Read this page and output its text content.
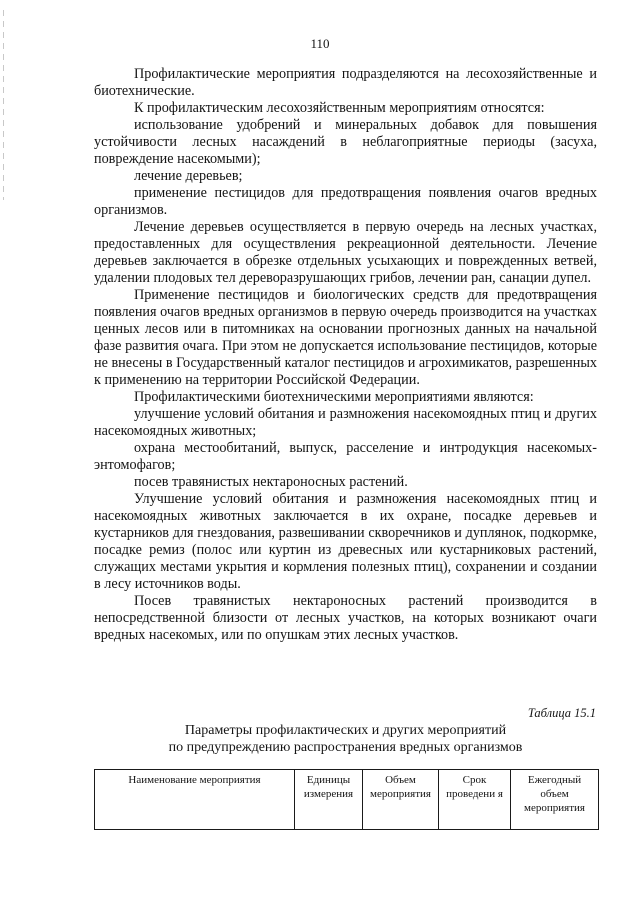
110

Профилактические мероприятия подразделяются на лесохозяйственные и биотехнические.

К профилактическим лесохозяйственным мероприятиям относятся:

использование удобрений и минеральных добавок для повышения устойчивости лесных насаждений в неблагоприятные периоды (засуха, повреждение насекомыми);

лечение деревьев;

применение пестицидов для предотвращения появления очагов вредных организмов.

Лечение деревьев осуществляется в первую очередь на лесных участках, предоставленных для осуществления рекреационной деятельности. Лечение деревьев заключается в обрезке отдельных усыхающих и поврежденных ветвей, удалении плодовых тел дереворазрушающих грибов, лечении ран, санации дупел.

Применение пестицидов и биологических средств для предотвращения появления очагов вредных организмов в первую очередь производится на участках ценных лесов или в питомниках на основании прогнозных данных на начальной фазе развития очага. При этом не допускается использование пестицидов, которые не внесены в Государственный каталог пестицидов и агрохимикатов, разрешенных к применению на территории Российской Федерации.

Профилактическими биотехническими мероприятиями являются:

улучшение условий обитания и размножения насекомоядных птиц и других насекомоядных животных;

охрана местообитаний, выпуск, расселение и интродукция насекомых-энтомофагов;

посев травянистых нектароносных растений.

Улучшение условий обитания и размножения насекомоядных птиц и насекомоядных животных заключается в их охране, посадке деревьев и кустарников для гнездования, развешивании скворечников и дуплянок, подкормке, посадке ремиз (полос или куртин из древесных или кустарниковых растений, служащих местами укрытия и кормления полезных птиц), сохранении и создании в лесу источников воды.

Посев травянистых нектароносных растений производится в непосредственной близости от лесных участков, на которых возникают очаги вредных насекомых, или по опушкам этих лесных участков.

Таблица 15.1
Параметры профилактических и других мероприятий
по предупреждению распространения вредных организмов
Наименование мероприятия	Единицы измерения	Объем мероприятия	Срок проведени я	Ежегодный объем мероприятия
